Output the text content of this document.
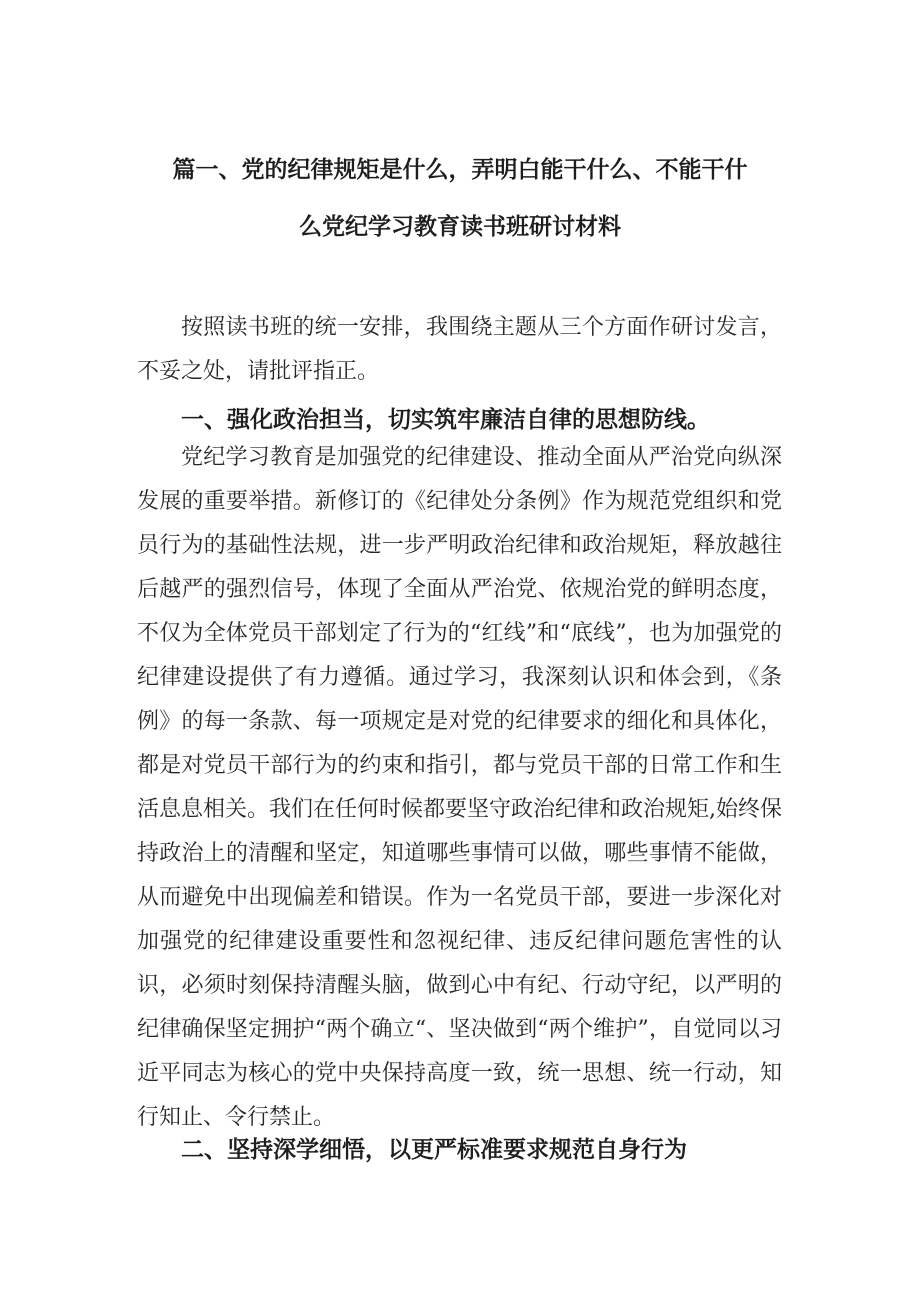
篇一、党的纪律规矩是什么，弄明白能干什么、不能干什
么党纪学习教育读书班研讨材料

按照读书班的统一安排，我围绕主题从三个方面作研讨发言，不妥之处，请批评指正。

一、强化政治担当，切实筑牢廉洁自律的思想防线。

党纪学习教育是加强党的纪律建设、推动全面从严治党向纵深发展的重要举措。新修订的《纪律处分条例》作为规范党组织和党员行为的基础性法规，进一步严明政治纪律和政治规矩，释放越往后越严的强烈信号，体现了全面从严治党、依规治党的鲜明态度，不仅为全体党员干部划定了行为的“红线”和“底线”，也为加强党的纪律建设提供了有力遵循。通过学习，我深刻认识和体会到，《条例》的每一条款、每一项规定是对党的纪律要求的细化和具体化，都是对党员干部行为的约束和指引，都与党员干部的日常工作和生活息息相关。我们在任何时候都要坚守政治纪律和政治规矩,始终保持政治上的清醒和坚定，知道哪些事情可以做，哪些事情不能做，从而避免中出现偏差和错误。作为一名党员干部，要进一步深化对加强党的纪律建设重要性和忽视纪律、违反纪律问题危害性的认识，必须时刻保持清醒头脑，做到心中有纪、行动守纪，以严明的纪律确保坚定拥护“两个确立“、坚决做到“两个维护”，自觉同以习近平同志为核心的党中央保持高度一致，统一思想、统一行动，知行知止、令行禁止。

二、坚持深学细悟，以更严标准要求规范自身行为
